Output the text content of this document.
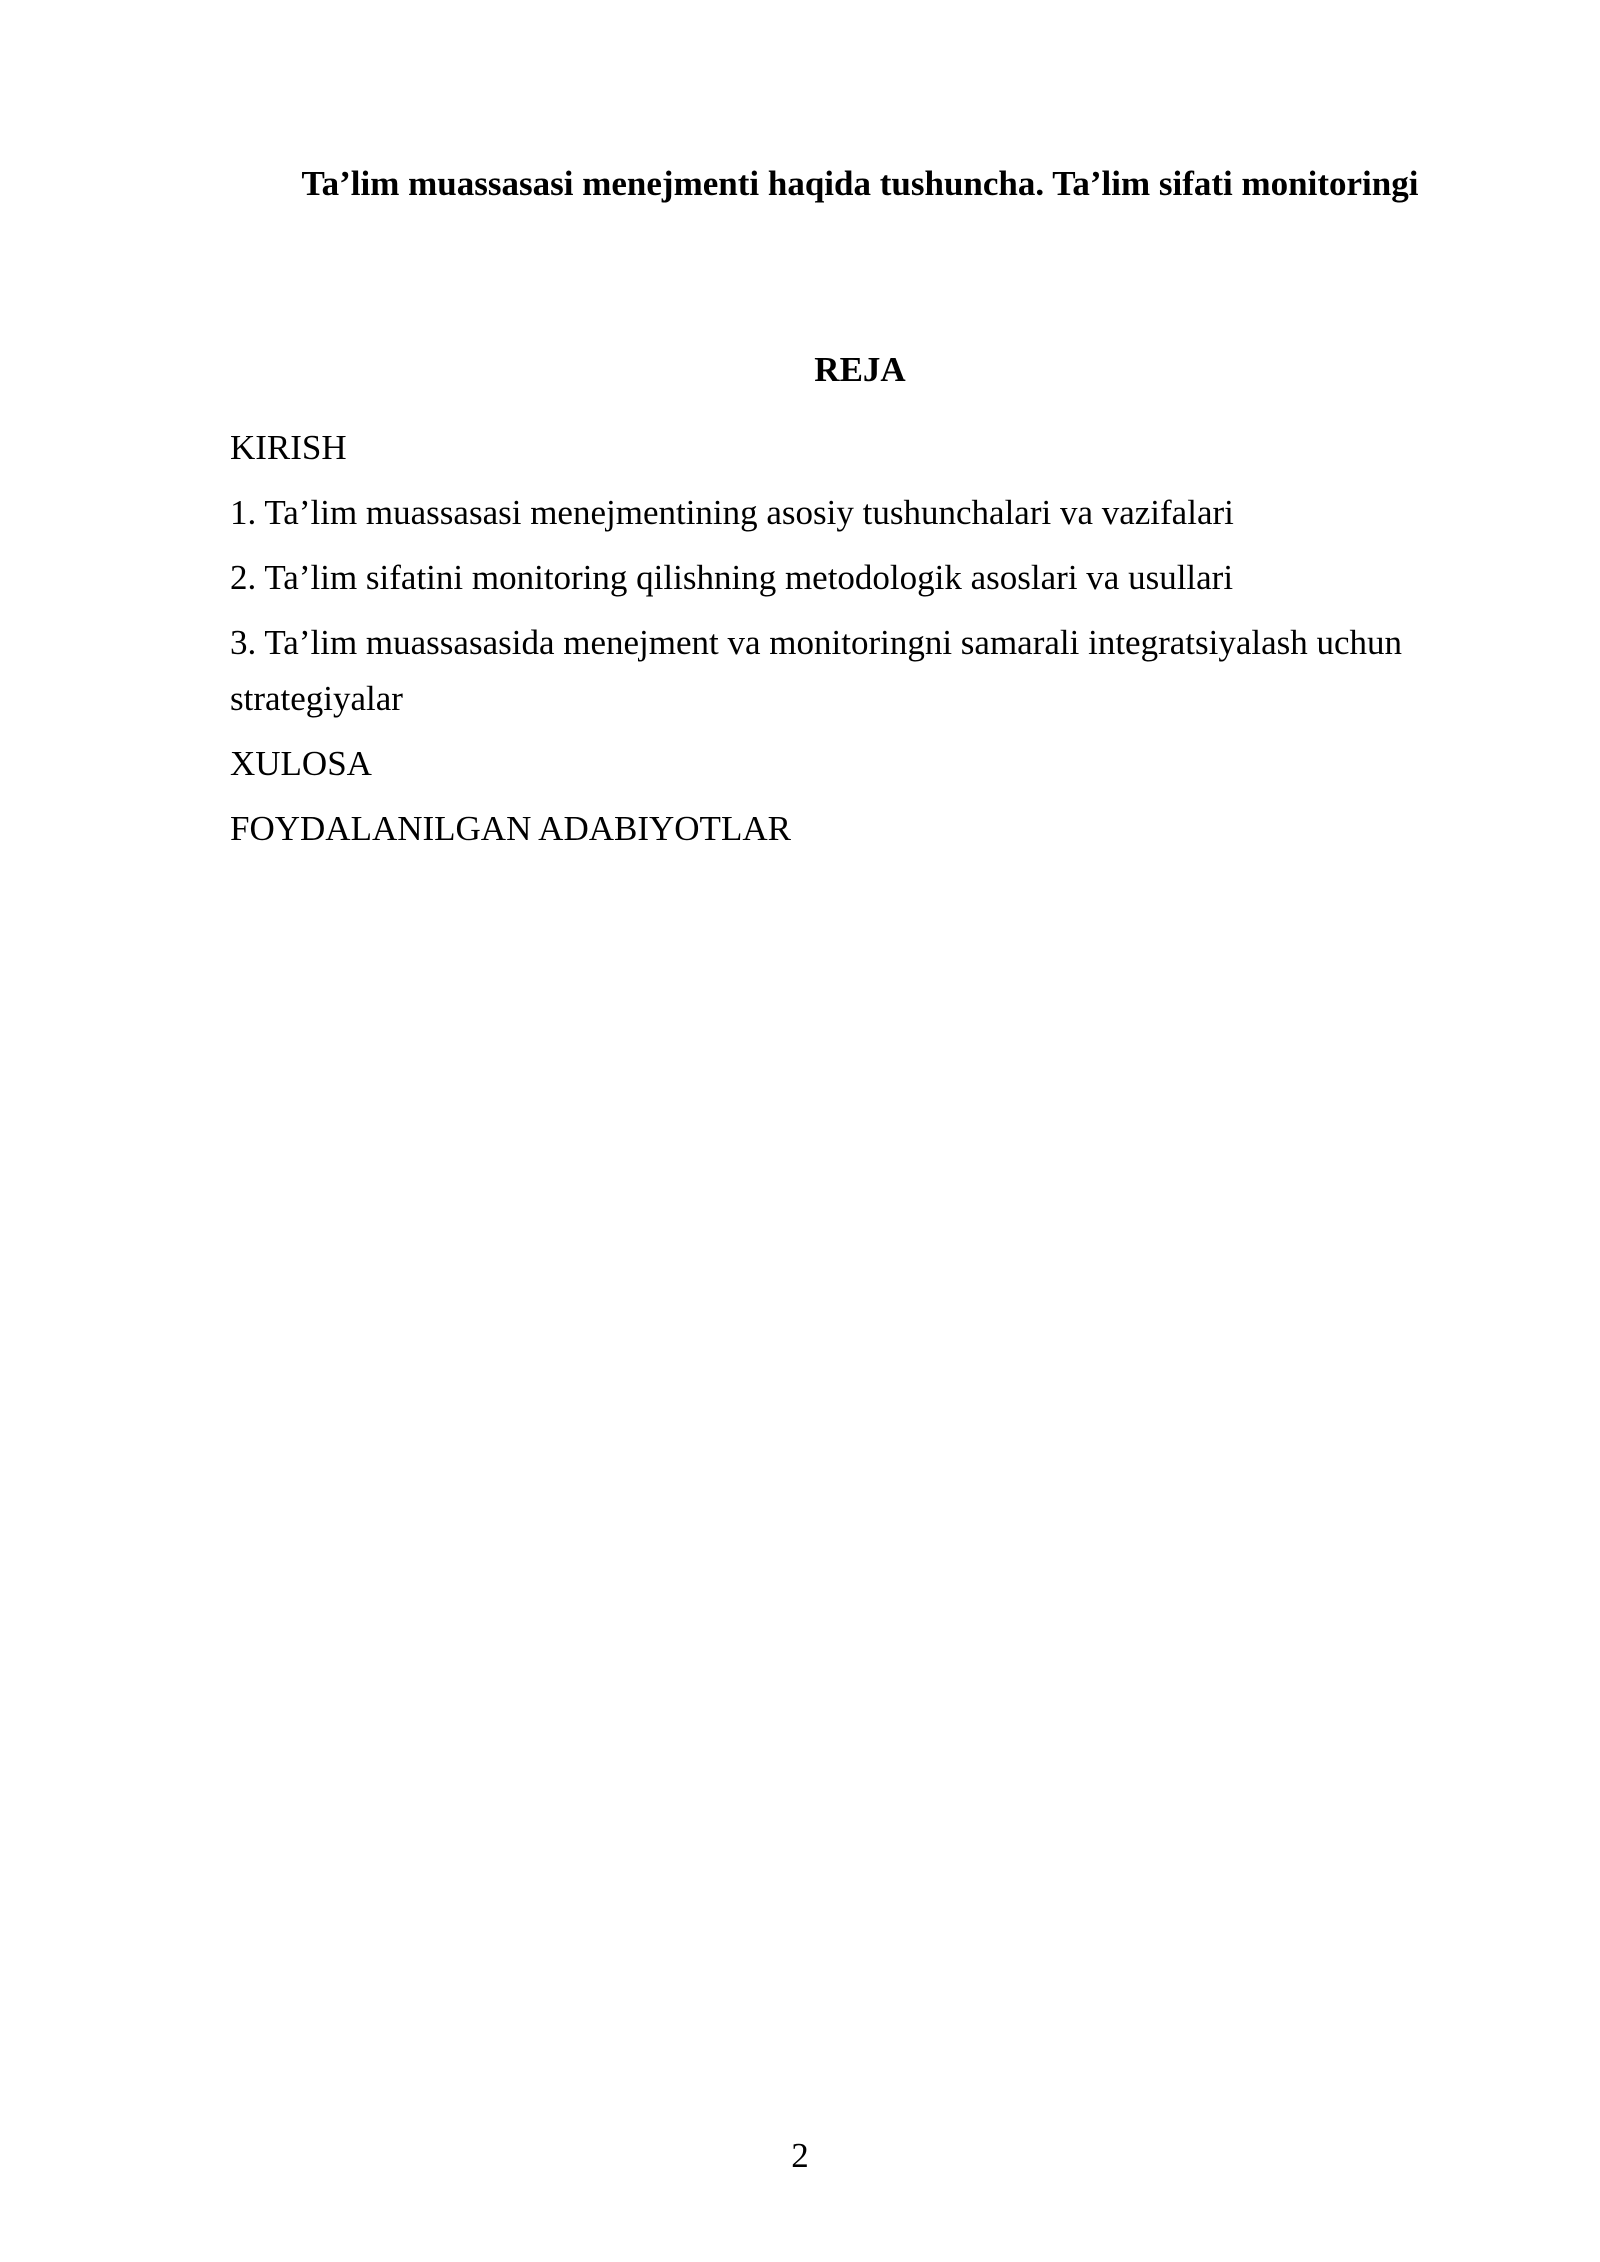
Ta’lim muassasasi menejmenti haqida tushuncha. Ta’lim sifati monitoringi
REJA
KIRISH
1. Ta’lim muassasasi menejmentining asosiy tushunchalari va vazifalari
2. Ta’lim sifatini monitoring qilishning metodologik asoslari va usullari
3. Ta’lim muassasasida menejment va monitoringni samarali integratsiyalash uchun strategiyalar
XULOSA
FOYDALANILGAN ADABIYOTLAR
2
